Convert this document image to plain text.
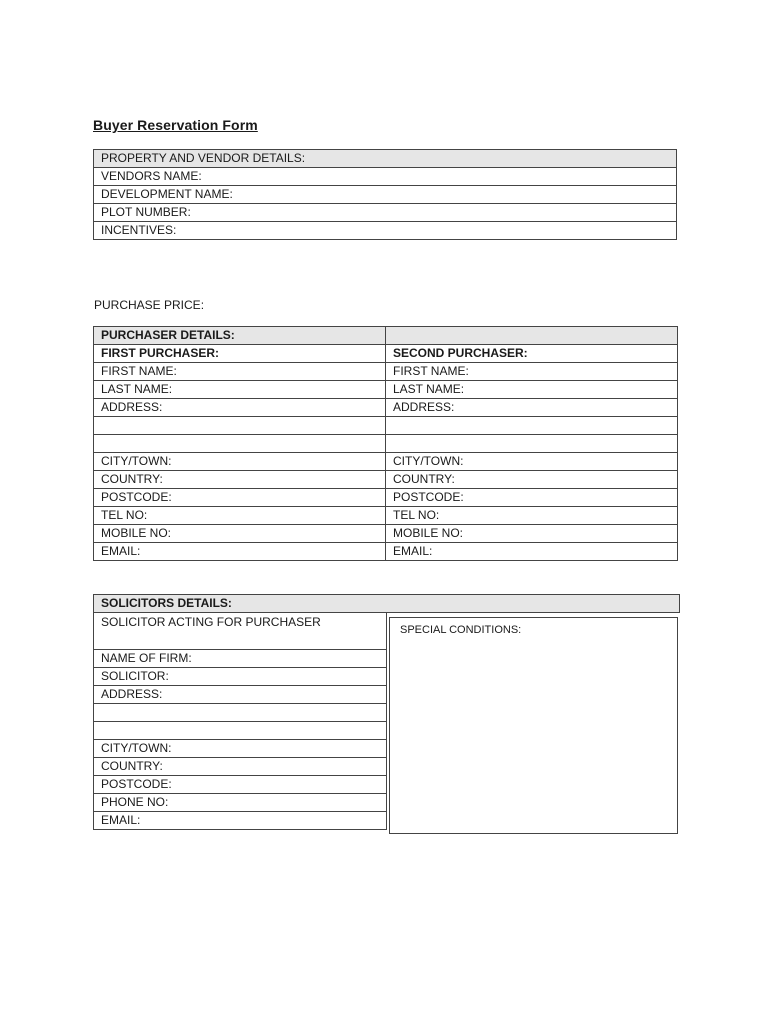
Buyer Reservation Form
PROPERTY AND VENDOR DETAILS:
VENDORS NAME:
DEVELOPMENT NAME:
PLOT NUMBER:
INCENTIVES:
PURCHASE PRICE:
PURCHASER DETAILS:	
FIRST PURCHASER:	SECOND PURCHASER:
FIRST NAME:	FIRST NAME:
LAST NAME:	LAST NAME:
ADDRESS:	ADDRESS:

CITY/TOWN:	CITY/TOWN:
COUNTRY:	COUNTRY:
POSTCODE:	POSTCODE:
TEL NO:	TEL NO:
MOBILE NO:	MOBILE NO:
EMAIL:	EMAIL:
SOLICITORS DETAILS:
SOLICITOR ACTING FOR PURCHASER
NAME OF FIRM:
SOLICITOR:
ADDRESS:

CITY/TOWN:
COUNTRY:
POSTCODE:
PHONE NO:
EMAIL:
SPECIAL CONDITIONS:
